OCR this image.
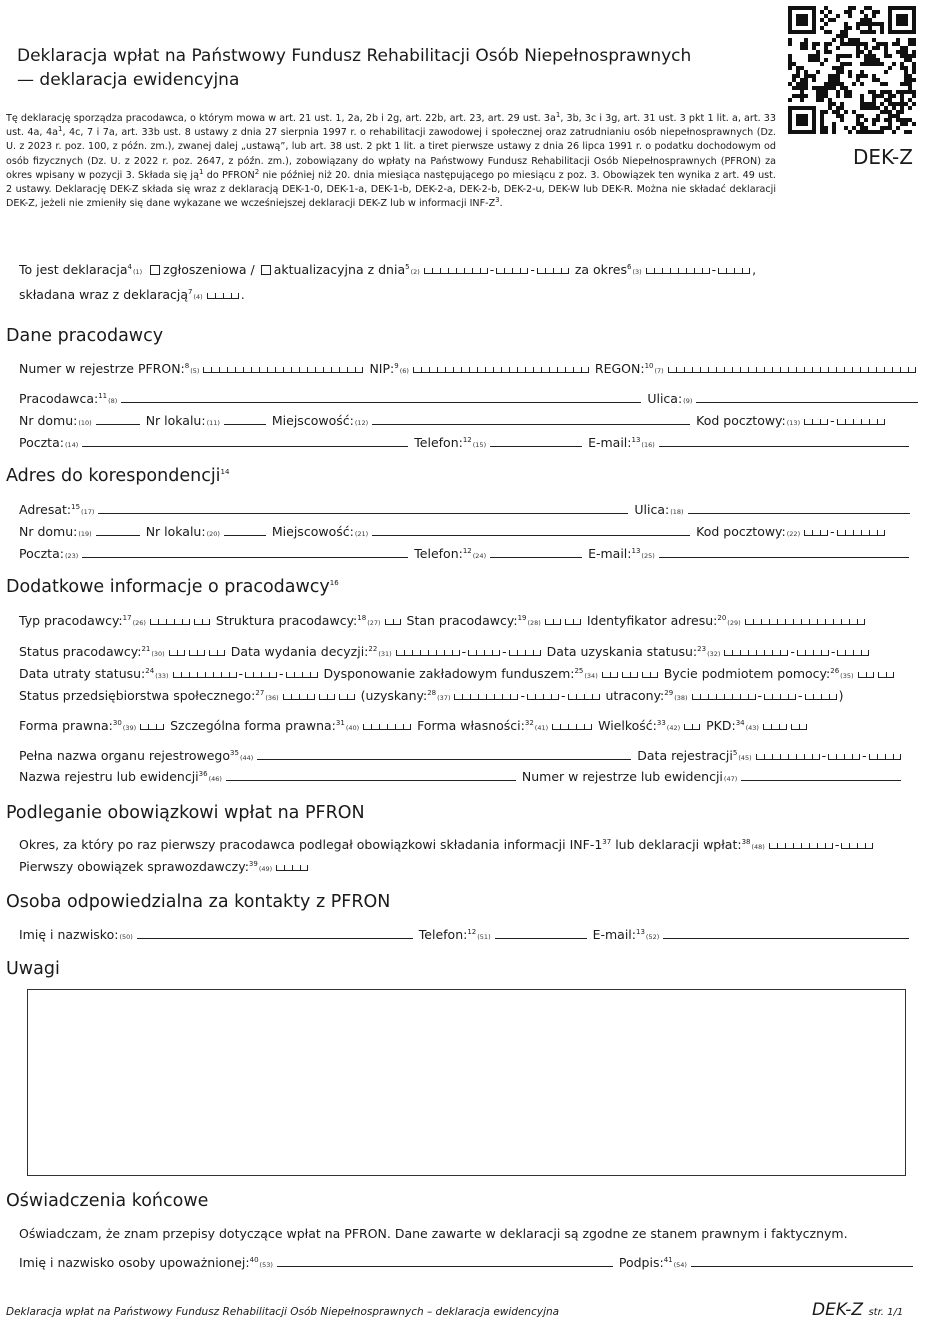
Deklaracja wpłat na Państwowy Fundusz Rehabilitacji Osób Niepełnosprawnych
— deklaracja ewidencyjna
DEK-Z
Tę deklarację sporządza pracodawca, o którym mowa w art. 21 ust. 1, 2a, 2b i 2g, art. 22b, art. 23, art. 29 ust. $3a^1$, 3b, 3c i 3g, art. 31 ust. 3 pkt 1 lit. a, art. 33 ust. 4a, $4a^1$, 4c, 7 i 7a, art. 33b ust. 8 ustawy z dnia 27 sierpnia 1997 r. o rehabilitacji zawodowej i społecznej oraz zatrudnianiu osób niepełnosprawnych (Dz. U. z 2023 r. poz. 100, z późn. zm.), zwanej dalej „ustawą”, lub art. 38 ust. 2 pkt 1 lit. a tiret pierwsze ustawy z dnia 26 lipca 1991 r. o podatku dochodowym od osób fizycznych (Dz. U. z 2022 r. poz. 2647, z późn. zm.), zobowiązany do wpłaty na Państwowy Fundusz Rehabilitacji Osób Niepełnosprawnych (PFRON) za okres wpisany w pozycji 3. Składa się $ją^1$ do PFRON$^2$ nie później niż 20. dnia miesiąca następującego po miesiącu z poz. 3. Obowiązek ten wynika z art. 49 ust. 2 ustawy. Deklarację DEK-Z składa się wraz z deklaracją DEK-1-0, DEK-1-a, DEK-1-b, DEK-2-a, DEK-2-b, DEK-2-u, DEK-W lub DEK-R. Można nie składać deklaracji DEK-Z, jeżeli nie zmieniły się dane wykazane we wcześniejszej deklaracji DEK-Z lub w informacji INF-$Z^3$.
To jest deklaracja$^4$(1) zgłoszeniowa / aktualizacyjna z dnia$^5$(2)	-	-	za okres$^6$(3)	-	,
składana wraz z deklaracją$^7$(4)	.
Dane pracodawcy
Numer w rejestrze PFRON:$^8$(5)	NIP:$^9$(6)	REGON:$^{10}$(7)
Pracodawca:$^{11}$(8)	Ulica:(9)
Nr domu:(10)	Nr lokalu:(11)	Miejscowość:(12)	Kod pocztowy:(13) -
Poczta:(14)	Telefon:$^{12}$(15)	E-mail:$^{13}$(16)
Adres do korespondencji$^{14}$
Adresat:$^{15}$(17)	Ulica:(18)
Nr domu:(19)	Nr lokalu:(20)	Miejscowość:(21)	Kod pocztowy:(22) -
Poczta:(23)	Telefon:$^{12}$(24)	E-mail:$^{13}$(25)
Dodatkowe informacje o pracodawcy$^{16}$
Typ pracodawcy:$^{17}$(26)	Struktura pracodawcy:$^{18}$(27) Stan pracodawcy:$^{19}$(28)	Identyfikator adresu:$^{20}$(29)
Status pracodawcy:$^{21}$(30)	Data wydania decyzji:$^{22}$(31)	-	-	Data uzyskania statusu:$^{23}$(32)	-	-
Data utraty statusu:$^{24}$(33)	-	-	Dysponowanie zakładowym funduszem:$^{25}$(34)	Bycie podmiotem pomocy:$^{26}$(35)
Status przedsiębiorstwa społecznego:$^{27}$(36)	(uzyskany:$^{28}$(37)	-	-	utracony:$^{29}$(38)	-	-	)
Forma prawna:$^{30}$(39)	Szczególna forma prawna:$^{31}$(40)	Forma własności:$^{32}$(41)	Wielkość:$^{33}$(42) PKD:$^{34}$(43)
Pełna nazwa organu rejestrowego$^{35}$(44)	Data rejestracji$^5$(45)	-	-
Nazwa rejestru lub ewidencji$^{36}$(46)	Numer w rejestrze lub ewidencji(47)
Podleganie obowiązkowi wpłat na PFRON
Okres, za który po raz pierwszy pracodawca podlegał obowiązkowi składania informacji INF-$1^{37}$ lub deklaracji wpłat:$^{38}$(48)	-
Pierwszy obowiązek sprawozdawczy:$^{39}$(49)
Osoba odpowiedzialna za kontakty z PFRON
Imię i nazwisko:(50)	Telefon:$^{12}$(51)	E-mail:$^{13}$(52)
Uwagi
Oświadczenia końcowe
Oświadczam, że znam przepisy dotyczące wpłat na PFRON. Dane zawarte w deklaracji są zgodne ze stanem prawnym i faktycznym.
Imię i nazwisko osoby upoważnionej:$^{40}$(53)	Podpis:$^{41}$(54)
Deklaracja wpłat na Państwowy Fundusz Rehabilitacji Osób Niepełnosprawnych – deklaracja ewidencyjna	DEK-Z str. 1/1
